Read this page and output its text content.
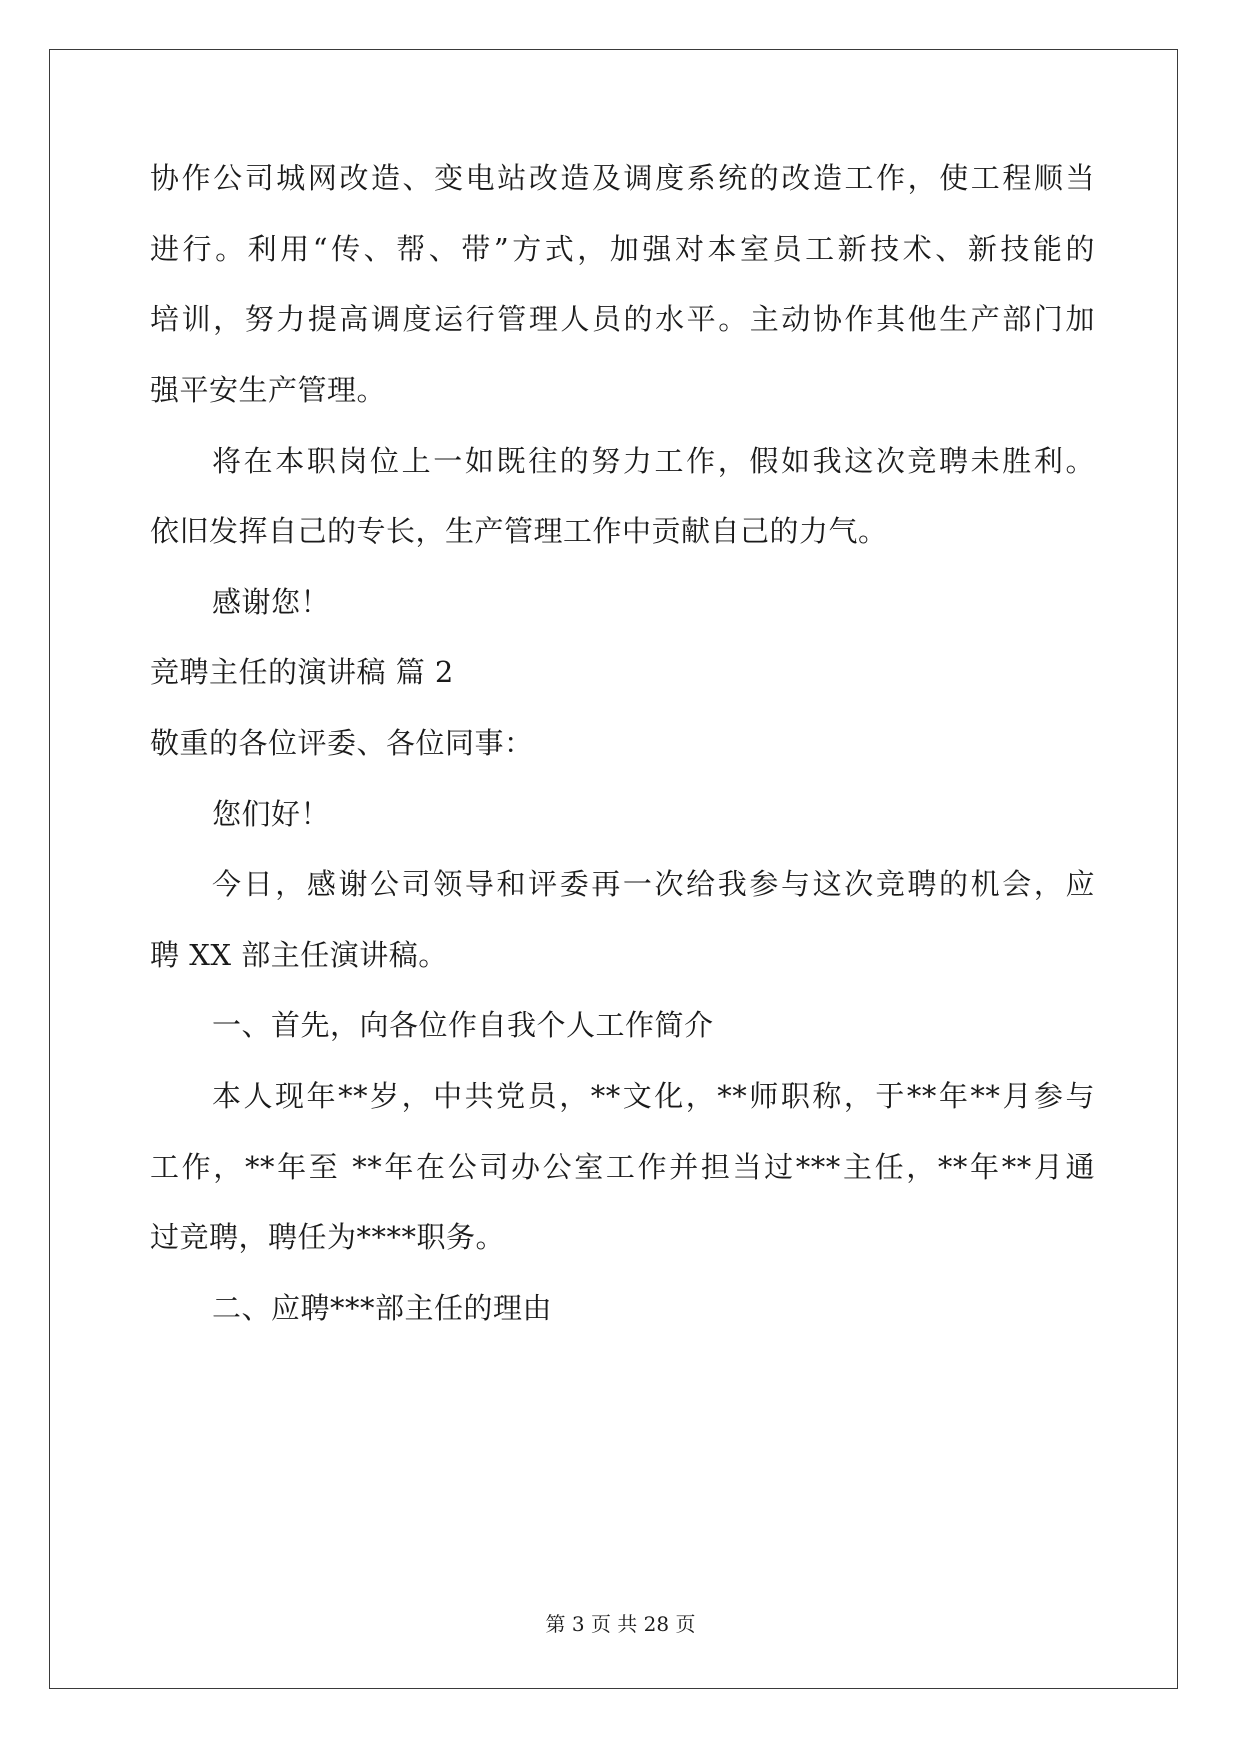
协作公司城网改造、变电站改造及调度系统的改造工作，使工程顺当
进行。利用“传、帮、带”方式，加强对本室员工新技术、新技能的
培训，努力提高调度运行管理人员的水平。主动协作其他生产部门加
强平安生产管理。
将在本职岗位上一如既往的努力工作，假如我这次竞聘未胜利。
依旧发挥自己的专长，生产管理工作中贡献自己的力气。
感谢您！
竞聘主任的演讲稿 篇 2
敬重的各位评委、各位同事：
您们好！
今日，感谢公司领导和评委再一次给我参与这次竞聘的机会，应
聘 XX 部主任演讲稿。
一、首先，向各位作自我个人工作简介
本人现年**岁，中共党员，**文化，**师职称，于**年**月参与
工作，**年至 **年在公司办公室工作并担当过***主任，**年**月通
过竞聘，聘任为****职务。
二、应聘***部主任的理由
第 3 页 共 28 页
